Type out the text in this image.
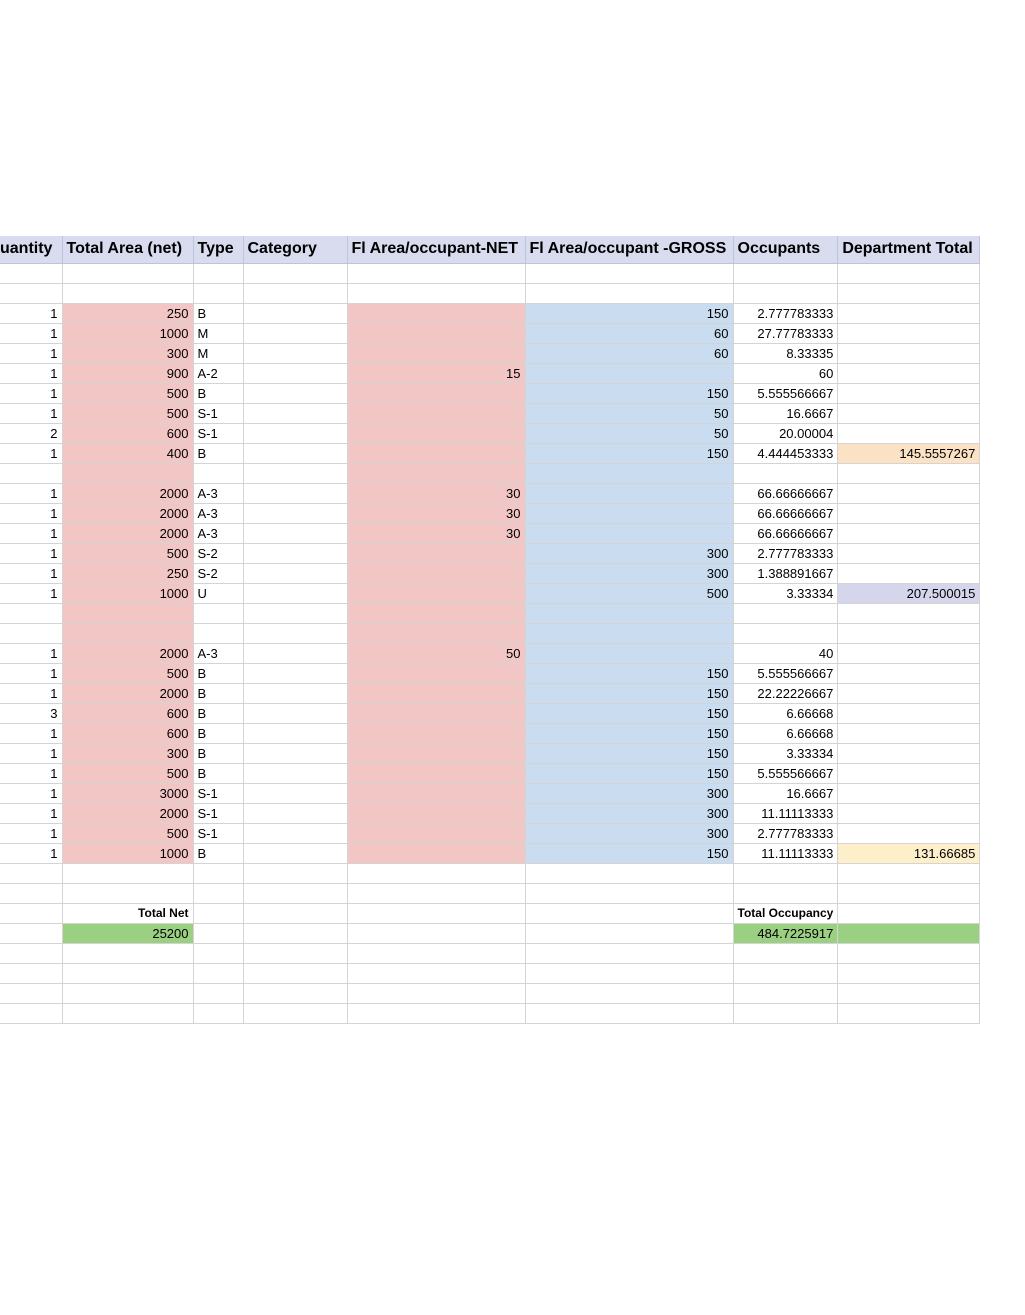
uantity	Total Area (net)	Type	Category	Fl Area/occupant-NET	Fl Area/occupant -GROSS	Occupants	Department Total

1	250	B			150	2.777783333	
1	1000	M			60	27.77783333	
1	300	M			60	8.33335	
1	900	A-2		15		60	
1	500	B			150	5.555566667	
1	500	S-1			50	16.6667	
2	600	S-1			50	20.00004	
1	400	B			150	4.444453333	145.5557267

1	2000	A-3		30		66.66666667	
1	2000	A-3		30		66.66666667	
1	2000	A-3		30		66.66666667	
1	500	S-2			300	2.777783333	
1	250	S-2			300	1.388891667	
1	1000	U			500	3.33334	207.500015

1	2000	A-3		50		40	
1	500	B			150	5.555566667	
1	2000	B			150	22.22226667	
3	600	B			150	6.66668	
1	600	B			150	6.66668	
1	300	B			150	3.33334	
1	500	B			150	5.555566667	
1	3000	S-1			300	16.6667	
1	2000	S-1			300	11.11113333	
1	500	S-1			300	2.777783333	
1	1000	B			150	11.11113333	131.66685

	Total Net					Total Occupancy	
	25200					484.7225917	
